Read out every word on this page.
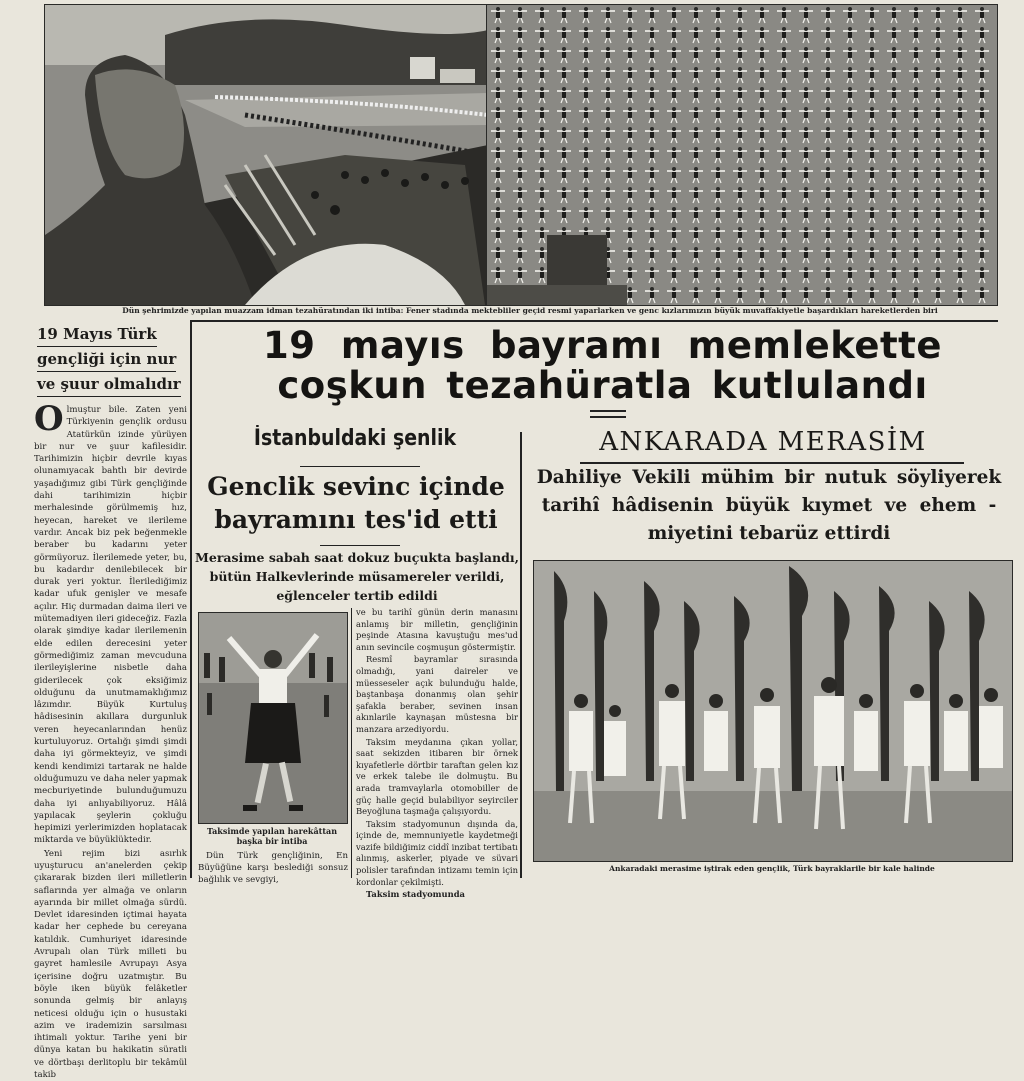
Dün şehrimizde yapılan muazzam idman tezahüratından iki intiba: Fener stadında mektebliler geçid resmi yaparlarken ve genc kızlarımızın büyük muvaffakiyetle başardıkları hareketlerden biri
19 Mayıs Türk
gençliği için nur
ve şuur olmalıdır

Olmuştur bile. Zaten yeni Türkiyenin gençlik ordusu Atatürkün izinde yürüyen bir nur ve şuur kafilesidir. Tarihimizin hiçbir devrile kıyas olunamıyacak bahtlı bir devirde yaşadığımız gibi Türk gençliğinde dahi tarihimizin hiçbir merhalesinde görülmemiş hız, heyecan, hareket ve ilerileme vardır. Ancak biz pek beğenmekle beraber bu kadarını yeter görmüyoruz. İlerilemede yeter, bu, bu kadardır denilebilecek bir durak yeri yoktur. İlerilediğimiz kadar ufuk genişler ve mesafe açılır. Hiç durmadan daima ileri ve mütemadiyen ileri gideceğiz. Fazla olarak şimdiye kadar ilerilemenin elde edilen derecesini yeter görmediğimiz zaman mevcuduna ilerileyişlerine nisbetle daha giderilecek çok eksiğimiz olduğunu da unutmamaklığımız lâzımdır. Büyük Kurtuluş hâdisesinin akıllara durgunluk veren heyecanlarından henüz kurtuluyoruz. Ortalığı şimdi şimdi daha iyi görmekteyiz, ve şimdi kendi kendimizi tartarak ne halde olduğumuzu ve daha neler yapmak mecburiyetinde bulunduğumuzu daha iyi anlıyabiliyoruz. Hâlâ yapılacak şeylerin çokluğu hepimizi yerlerimizden hoplatacak miktarda ve büyüklüktedir.

Yeni rejim bizi asırlık uyuşturucu an'anelerden çekip çıkararak bizden ileri milletlerin saflarında yer almağa ve onların ayarında bir millet olmağa sürdü. Devlet idaresinden içtimai hayata kadar her cephede bu cereyana katıldık. Cumhuriyet idaresinde Avrupalı olan Türk milleti bu gayret hamlesile Avrupayı Asya içerisine doğru uzatmıştır. Bu böyle iken büyük felâketler sonunda gelmiş bir anlayış neticesi olduğu için o husustaki azim ve irademizin sarsılması ihtimali yoktur. Tarihe yeni bir dünya katan bu hakikatin süratli ve dörtbaşı derlitoplu bir tekâmül takib

19 mayıs bayramı memlekette
coşkun tezahüratla kutlulandı
İstanbuldaki şenlik
Genclik sevinc içinde
bayramını tes'id etti
Merasime sabah saat dokuz buçukta başlandı,
bütün Halkevlerinde müsamereler verildi,
eğlenceler tertib edildi
Taksimde yapılan harekâttan
başka bir intiba
Dün Türk gençliğinin, En Büyüğüne karşı beslediği sonsuz bağlılık ve sevgiyi,

ve bu tarihî günün derin manasını anlamış bir milletin, gençliğinin peşinde Atasına kavuştuğu mes'ud anın sevincile coşmuşun göstermiştir.

Resmî bayramlar sırasında olmadığı, yani daireler ve müesseseler açık bulunduğu halde, baştanbaşa donanmış olan şehir şafakla beraber, sevinen insan akınlarile kaynaşan müstesna bir manzara arzediyordu.

Taksim meydanına çıkan yollar, saat sekizden itibaren bir örnek kıyafetlerle dörtbir taraftan gelen kız ve erkek talebe ile dolmuştu. Bu arada tramvaylarla otomobiller de güç halle geçid bulabiliyor seyirciler Beyoğluna taşmağa çalışıyordu.

Taksim stadyomunun dışında da, içinde de, memnuniyetle kaydetmeği vazife bildiğimiz ciddî inzibat tertibatı alınmış, askerler, piyade ve süvari polisler tarafından intizamı temin için kordonlar çekilmişti.

Taksim stadyomunda

ANKARADA MERASİM
Dahiliye Vekili mühim bir nutuk söyliyerek
tarihî hâdisenin büyük kıymet ve ehem -
miyetini tebarüz ettirdi
Ankaradaki merasime iştirak eden gençlik, Türk bayraklarile bir kale halinde
